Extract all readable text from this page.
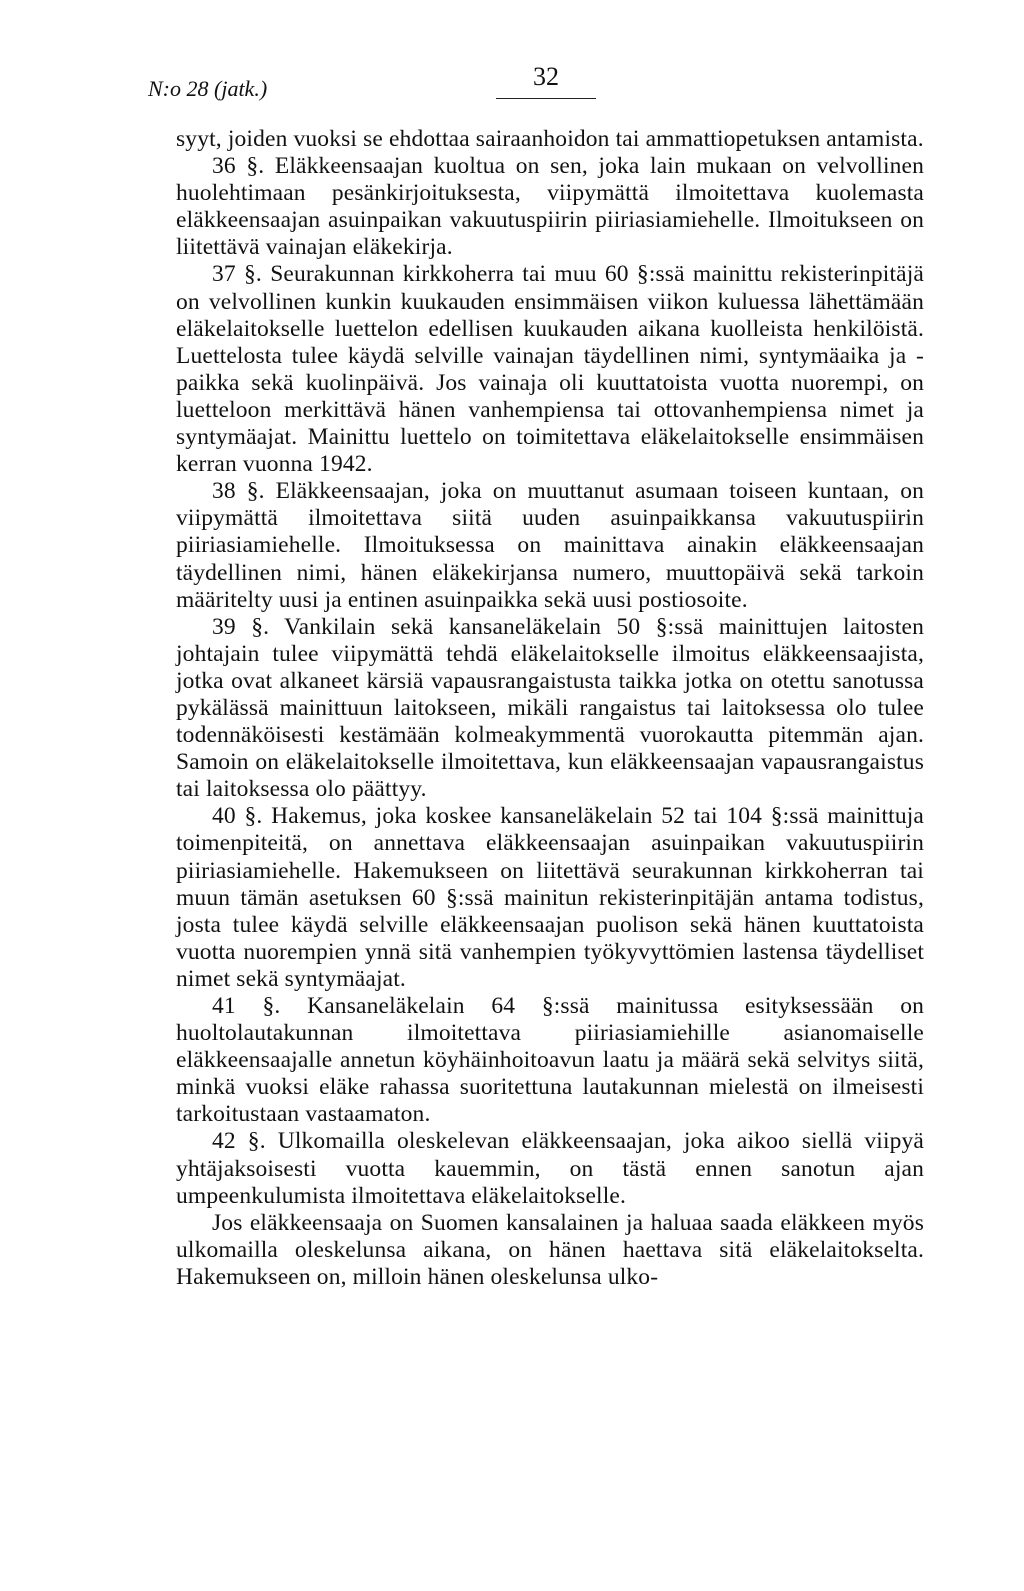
N:o 28 (jatk.)	32

syyt, joiden vuoksi se ehdottaa sairaanhoidon tai ammattiopetuksen antamista.

36 §. Eläkkeensaajan kuoltua on sen, joka lain mukaan on velvollinen huolehtimaan pesänkirjoituksesta, viipymättä ilmoitettava kuolemasta eläkkeensaajan asuinpaikan vakuutuspiirin piiriasiamiehelle. Ilmoitukseen on liitettävä vainajan eläkekirja.

37 §. Seurakunnan kirkkoherra tai muu 60 §:ssä mainittu rekisterinpitäjä on velvollinen kunkin kuukauden ensimmäisen viikon kuluessa lähettämään eläkelaitokselle luettelon edellisen kuukauden aikana kuolleista henkilöistä. Luettelosta tulee käydä selville vainajan täydellinen nimi, syntymäaika ja -paikka sekä kuolinpäivä. Jos vainaja oli kuuttatoista vuotta nuorempi, on luetteloon merkittävä hänen vanhempiensa tai ottovanhempiensa nimet ja syntymäajat. Mainittu luettelo on toimitettava eläkelaitokselle ensimmäisen kerran vuonna 1942.

38 §. Eläkkeensaajan, joka on muuttanut asumaan toiseen kuntaan, on viipymättä ilmoitettava siitä uuden asuinpaikkansa vakuutuspiirin piiriasiamiehelle. Ilmoituksessa on mainittava ainakin eläkkeensaajan täydellinen nimi, hänen eläkekirjansa numero, muuttopäivä sekä tarkoin määritelty uusi ja entinen asuinpaikka sekä uusi postiosoite.

39 §. Vankilain sekä kansaneläkelain 50 §:ssä mainittujen laitosten johtajain tulee viipymättä tehdä eläkelaitokselle ilmoitus eläkkeensaajista, jotka ovat alkaneet kärsiä vapausrangaistusta taikka jotka on otettu sanotussa pykälässä mainittuun laitokseen, mikäli rangaistus tai laitoksessa olo tulee todennäköisesti kestämään kolmeakymmentä vuorokautta pitemmän ajan. Samoin on eläkelaitokselle ilmoitettava, kun eläkkeensaajan vapausrangaistus tai laitoksessa olo päättyy.

40 §. Hakemus, joka koskee kansaneläkelain 52 tai 104 §:ssä mainittuja toimenpiteitä, on annettava eläkkeensaajan asuinpaikan vakuutuspiirin piiriasiamiehelle. Hakemukseen on liitettävä seurakunnan kirkkoherran tai muun tämän asetuksen 60 §:ssä mainitun rekisterinpitäjän antama todistus, josta tulee käydä selville eläkkeensaajan puolison sekä hänen kuuttatoista vuotta nuorempien ynnä sitä vanhempien työkyvyttömien lastensa täydelliset nimet sekä syntymäajat.

41 §. Kansaneläkelain 64 §:ssä mainitussa esityksessään on huoltolautakunnan ilmoitettava piiriasiamiehille asianomaiselle eläkkeensaajalle annetun köyhäinhoitoavun laatu ja määrä sekä selvitys siitä, minkä vuoksi eläke rahassa suoritettuna lautakunnan mielestä on ilmeisesti tarkoitustaan vastaamaton.

42 §. Ulkomailla oleskelevan eläkkeensaajan, joka aikoo siellä viipyä yhtäjaksoisesti vuotta kauemmin, on tästä ennen sanotun ajan umpeenkulumista ilmoitettava eläkelaitokselle.

Jos eläkkeensaaja on Suomen kansalainen ja haluaa saada eläkkeen myös ulkomailla oleskelunsa aikana, on hänen haettava sitä eläkelaitokselta. Hakemukseen on, milloin hänen oleskelunsa ulko-
